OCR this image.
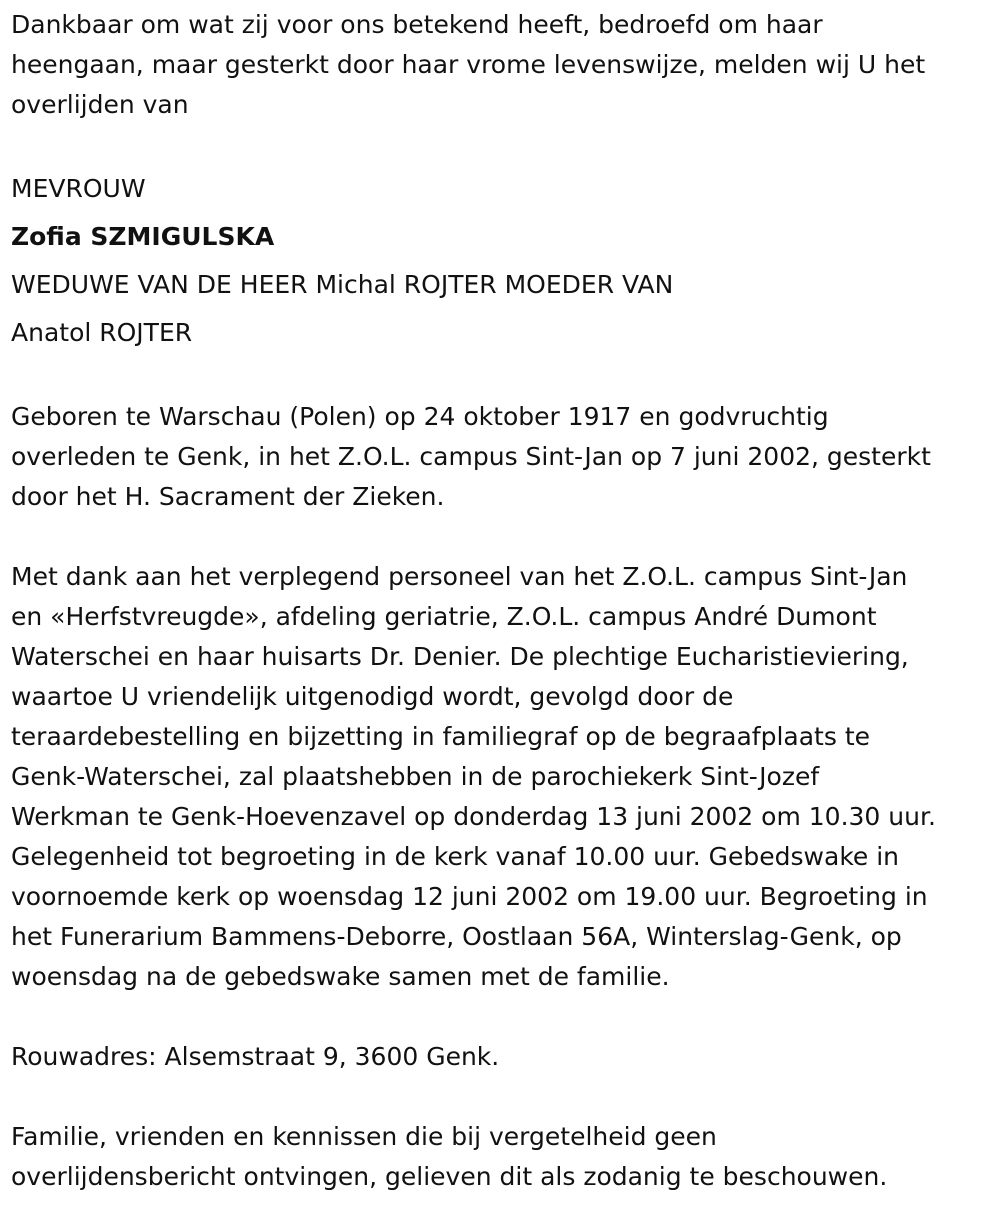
Dankbaar om wat zij voor ons betekend heeft, bedroefd om haar

heengaan, maar gesterkt door haar vrome levenswijze, melden wij U het

overlijden van

MEVROUW

Zofia SZMIGULSKA

WEDUWE VAN DE HEER Michal ROJTER MOEDER VAN

Anatol ROJTER

Geboren te Warschau (Polen) op 24 oktober 1917 en godvruchtig

overleden te Genk, in het Z.O.L. campus Sint-Jan op 7 juni 2002, gesterkt

door het H. Sacrament der Zieken.

Met dank aan het verplegend personeel van het Z.O.L. campus Sint-Jan

en «Herfstvreugde», afdeling geriatrie, Z.O.L. campus André Dumont

Waterschei en haar huisarts Dr. Denier. De plechtige Eucharistieviering,

waartoe U vriendelijk uitgenodigd wordt, gevolgd door de

teraardebestelling en bijzetting in familiegraf op de begraafplaats te

Genk-Waterschei, zal plaatshebben in de parochiekerk Sint-Jozef

Werkman te Genk-Hoevenzavel op donderdag 13 juni 2002 om 10.30 uur.

Gelegenheid tot begroeting in de kerk vanaf 10.00 uur. Gebedswake in

voornoemde kerk op woensdag 12 juni 2002 om 19.00 uur. Begroeting in

het Funerarium Bammens-Deborre, Oostlaan 56A, Winterslag-Genk, op

woensdag na de gebedswake samen met de familie.

Rouwadres: Alsemstraat 9, 3600 Genk.

Familie, vrienden en kennissen die bij vergetelheid geen

overlijdensbericht ontvingen, gelieven dit als zodanig te beschouwen.
